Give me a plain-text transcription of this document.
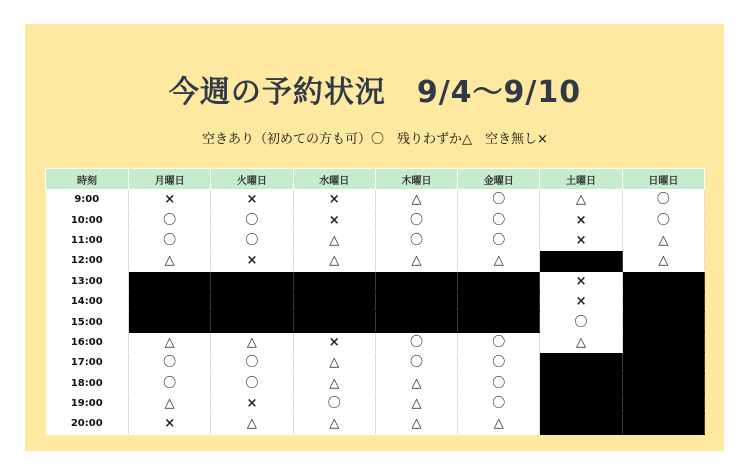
今週の予約状況　9/4～9/10
空きあり（初めての方も可）〇　残りわずか△　空き無し×
時刻	月曜日	火曜日	水曜日	木曜日	金曜日	土曜日	日曜日
9:00	×	×	×	△	〇	△	〇
10:00	〇	〇	×	〇	〇	×	〇
11:00	〇	〇	△	〇	〇	×	△
12:00	△	×	△	△	△		△
13:00						×	
14:00						×	
15:00						〇	
16:00	△	△	×	〇	〇	△	
17:00	〇	〇	△	〇	〇		
18:00	〇	〇	△	△	〇		
19:00	△	×	〇	△	〇		
20:00	×	△	△	△	△		
